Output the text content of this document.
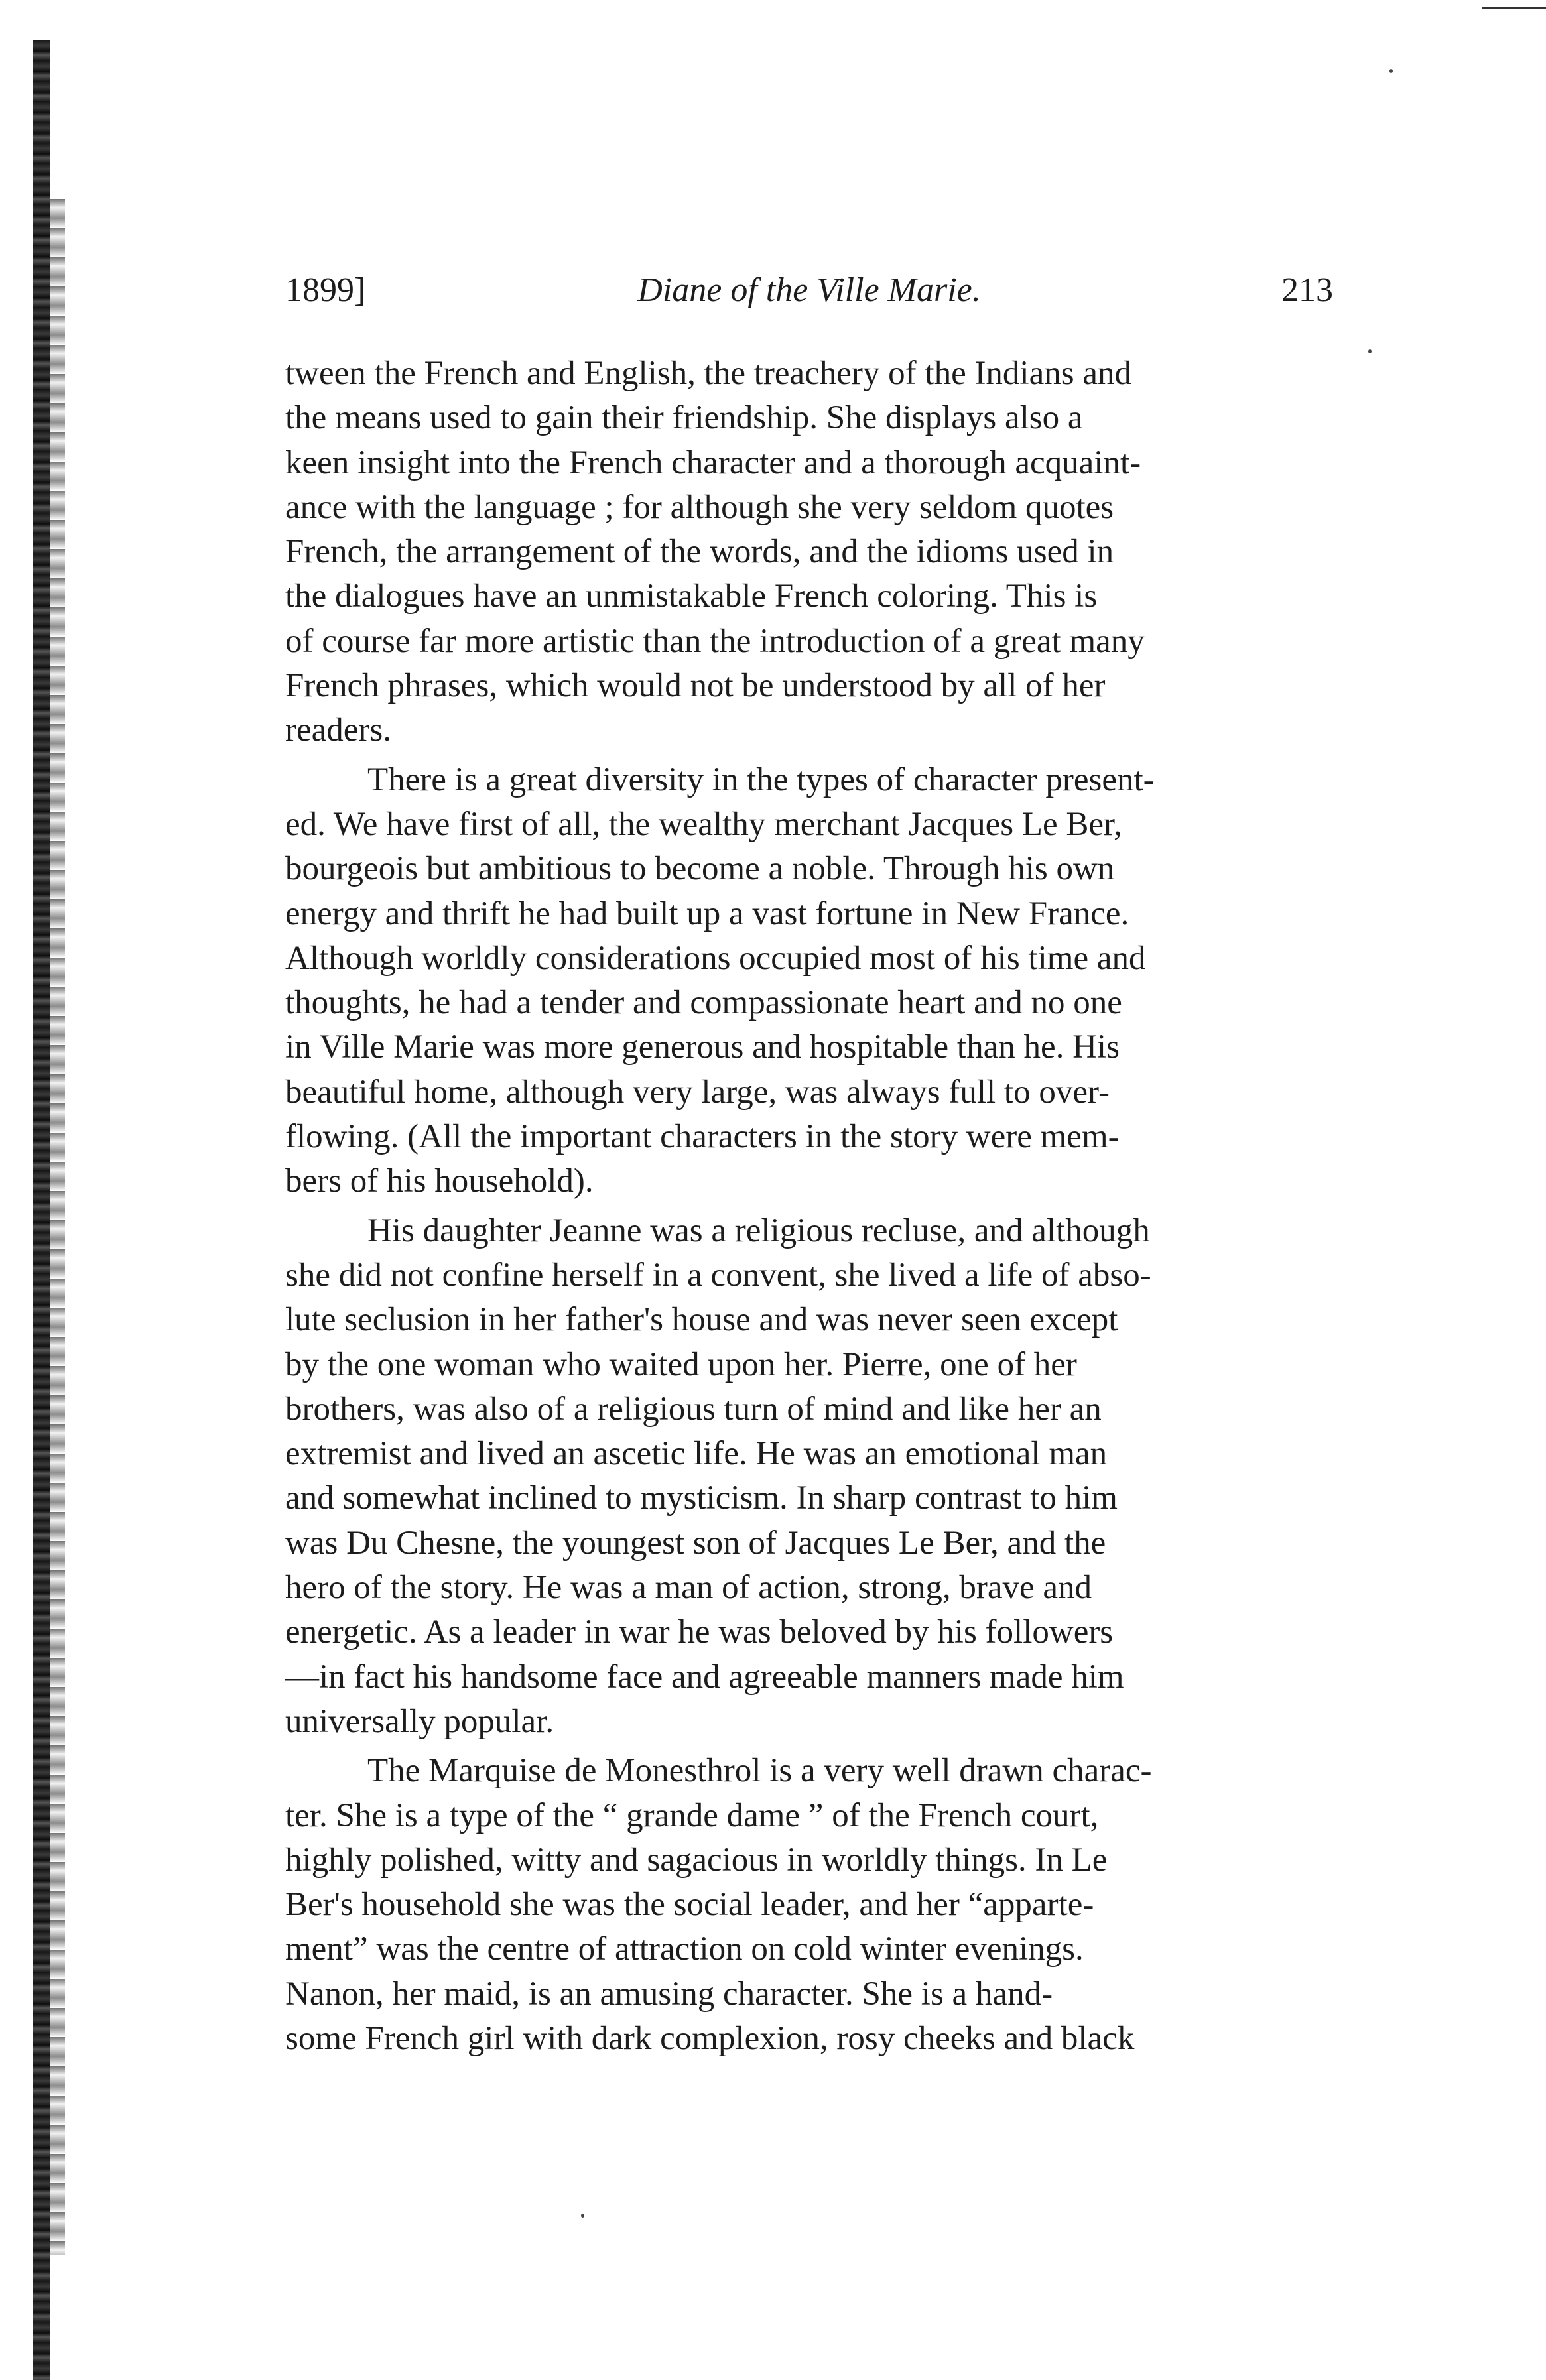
1899]	Diane of the Ville Marie.	213
tween the French and English, the treachery of the Indians and
the means used to gain their friendship. She displays also a
keen insight into the French character and a thorough acquaint-
ance with the language ; for although she very seldom quotes
French, the arrangement of the words, and the idioms used in
the dialogues have an unmistakable French coloring. This is
of course far more artistic than the introduction of a great many
French phrases, which would not be understood by all of her
readers.
There is a great diversity in the types of character present-
ed. We have first of all, the wealthy merchant Jacques Le Ber,
bourgeois but ambitious to become a noble. Through his own
energy and thrift he had built up a vast fortune in New France.
Although worldly considerations occupied most of his time and
thoughts, he had a tender and compassionate heart and no one
in Ville Marie was more generous and hospitable than he. His
beautiful home, although very large, was always full to over-
flowing. (All the important characters in the story were mem-
bers of his household).
His daughter Jeanne was a religious recluse, and although
she did not confine herself in a convent, she lived a life of abso-
lute seclusion in her father's house and was never seen except
by the one woman who waited upon her. Pierre, one of her
brothers, was also of a religious turn of mind and like her an
extremist and lived an ascetic life. He was an emotional man
and somewhat inclined to mysticism. In sharp contrast to him
was Du Chesne, the youngest son of Jacques Le Ber, and the
hero of the story. He was a man of action, strong, brave and
energetic. As a leader in war he was beloved by his followers
—in fact his handsome face and agreeable manners made him
universally popular.
The Marquise de Monesthrol is a very well drawn charac-
ter. She is a type of the “ grande dame ” of the French court,
highly polished, witty and sagacious in worldly things. In Le
Ber's household she was the social leader, and her “apparte-
ment” was the centre of attraction on cold winter evenings.
Nanon, her maid, is an amusing character. She is a hand-
some French girl with dark complexion, rosy cheeks and black
